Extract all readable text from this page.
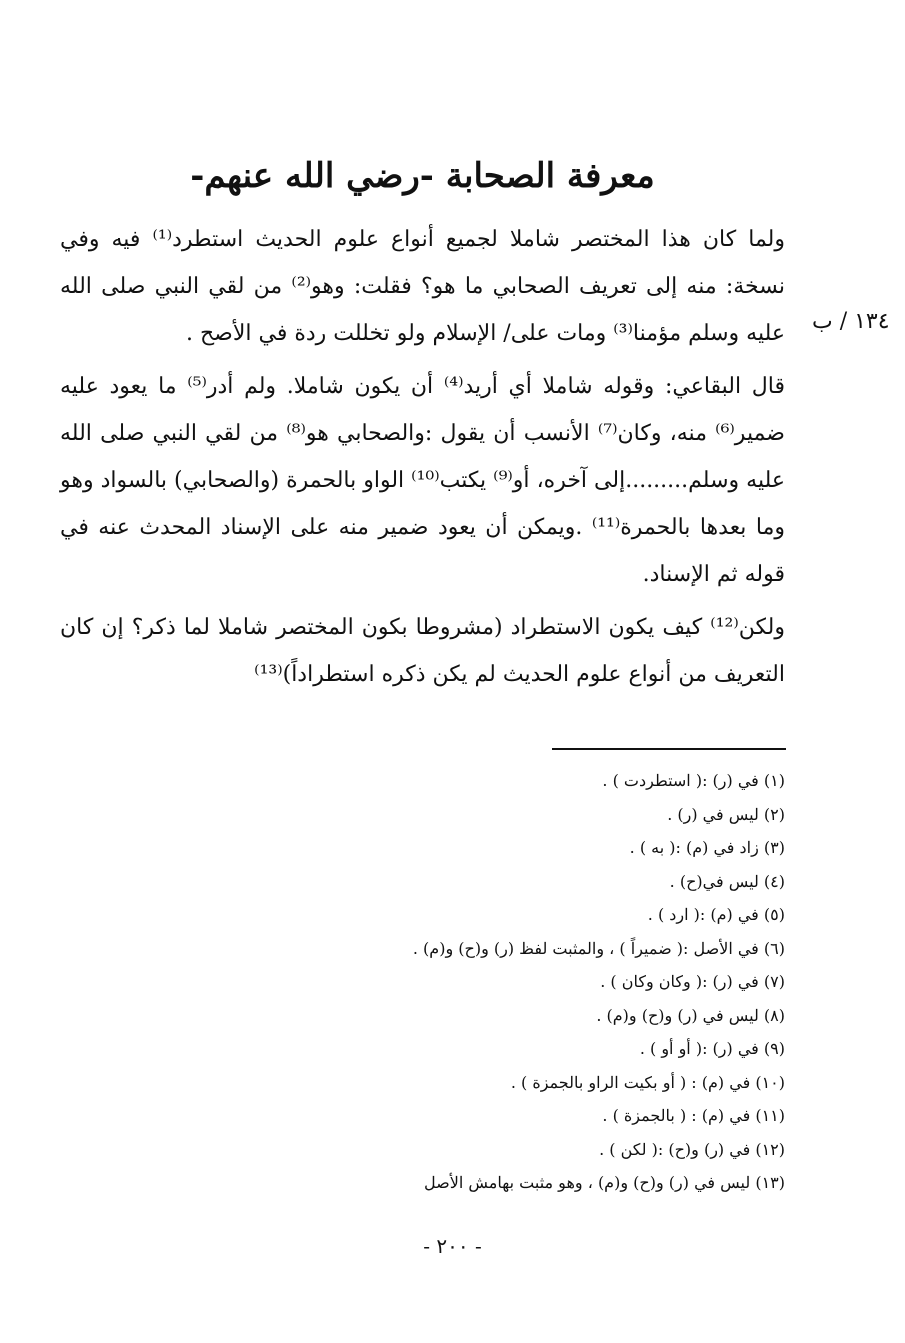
معرفة الصحابة -رضي الله عنهم-

ولما كان هذا المختصر شاملا لجميع أنواع علوم الحديث استطرد⁽¹⁾ فيه وفي نسخة: منه إلى تعريف الصحابي ما هو؟ فقلت: وهو⁽²⁾ من لقي النبي صلى الله عليه وسلم مؤمنا⁽³⁾ ومات على/ الإسلام ولو تخللت ردة في الأصح .

قال البقاعي: وقوله شاملا أي أريد⁽⁴⁾ أن يكون شاملا. ولم أدر⁽⁵⁾ ما يعود عليه ضمير⁽⁶⁾ منه، وكان⁽⁷⁾ الأنسب أن يقول :والصحابي هو⁽⁸⁾ من لقي النبي صلى الله عليه وسلم.........إلى آخره، أو⁽⁹⁾ يكتب⁽¹⁰⁾ الواو بالحمرة (والصحابي) بالسواد وهو وما بعدها بالحمرة⁽¹¹⁾ .ويمكن أن يعود ضمير منه على الإسناد المحدث عنه في قوله ثم الإسناد.

ولكن⁽¹²⁾ كيف يكون الاستطراد (مشروطا بكون المختصر شاملا لما ذكر؟ إن كان التعريف من أنواع علوم الحديث لم يكن ذكره استطراداً)⁽¹³⁾

١٣٤ / ب
(١) في (ر) :( استطردت ) .
(٢) ليس في (ر) .
(٣) زاد في (م) :( به ) .
(٤) ليس في(ح) .
(٥) في (م) :( ارد ) .
(٦) في الأصل :( ضميراً ) ، والمثبت لفظ (ر) و(ح) و(م) .
(٧) في (ر) :( وكان وكان ) .
(٨) ليس في (ر) و(ح) و(م) .
(٩) في (ر) :( أو أو ) .
(١٠) في (م) : ( أو بكيت الراو بالجمزة ) .
(١١) في (م) : ( بالجمزة ) .
(١٢) في (ر) و(ح) :( لكن ) .
(١٣) ليس في (ر) و(ح) و(م) ، وهو مثبت بهامش الأصل
- ٢٠٠ -
